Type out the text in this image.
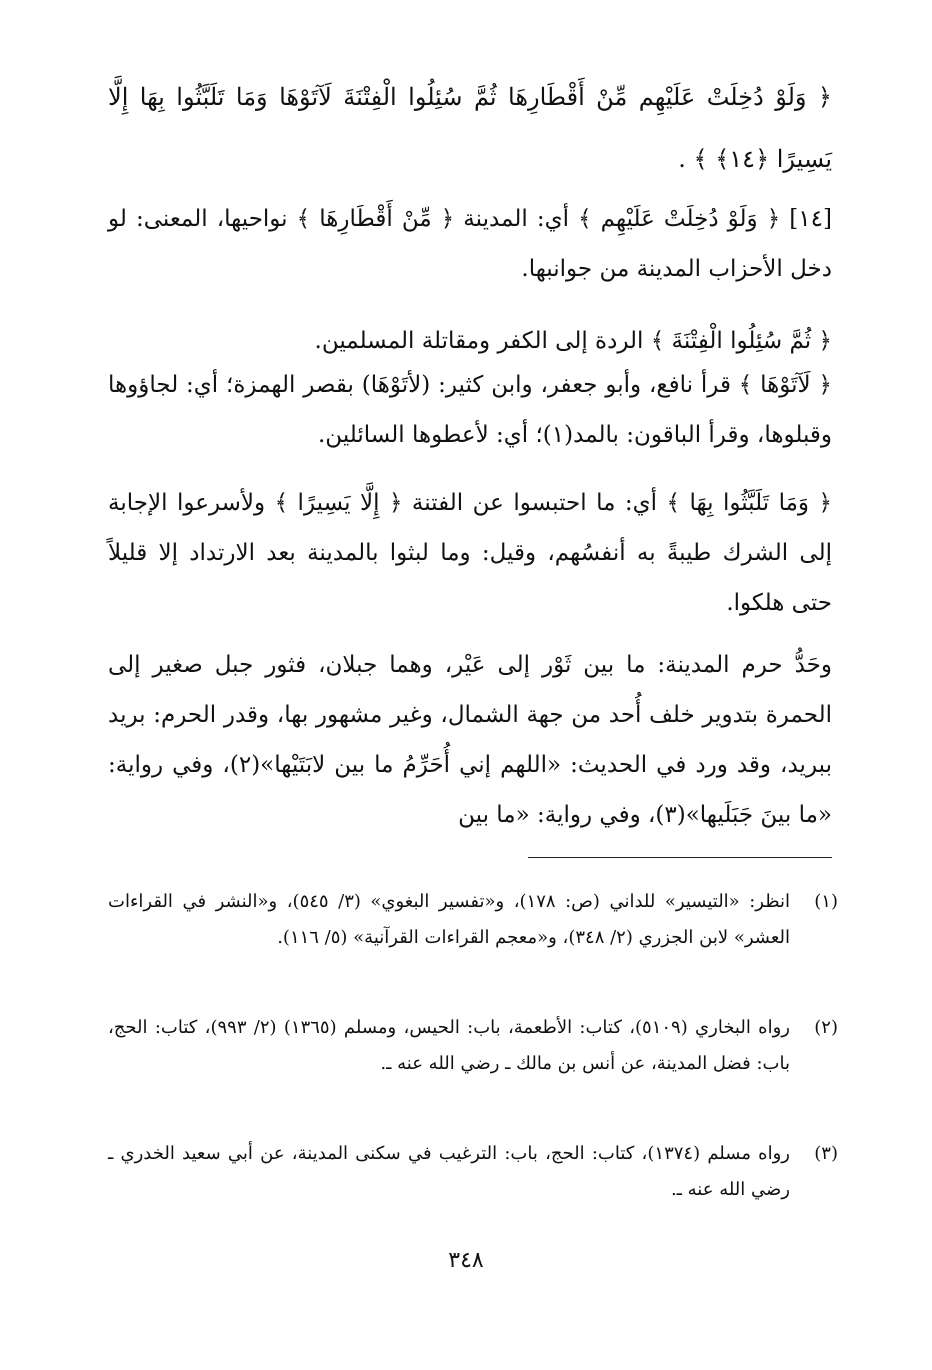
﴿ وَلَوْ دُخِلَتْ عَلَيْهِم مِّنْ أَقْطَارِهَا ثُمَّ سُئِلُوا الْفِتْنَةَ لَآتَوْهَا وَمَا تَلَبَّثُوا بِهَا إِلَّا يَسِيرًا ﴿١٤﴾ ﴾ .

[١٤] ﴿ وَلَوْ دُخِلَتْ عَلَيْهِم ﴾ أي: المدينة ﴿ مِّنْ أَقْطَارِهَا ﴾ نواحيها، المعنى: لو دخل الأحزاب المدينة من جوانبها.

﴿ ثُمَّ سُئِلُوا الْفِتْنَةَ ﴾ الردة إلى الكفر ومقاتلة المسلمين.

﴿ لَآتَوْهَا ﴾ قرأ نافع، وأبو جعفر، وابن كثير: (لأتَوْهَا) بقصر الهمزة؛ أي: لجاؤوها وقبلوها، وقرأ الباقون: بالمد(١)؛ أي: لأعطوها السائلين.

﴿ وَمَا تَلَبَّثُوا بِهَا ﴾ أي: ما احتبسوا عن الفتنة ﴿ إِلَّا يَسِيرًا ﴾ ولأسرعوا الإجابة إلى الشرك طيبةً به أنفسُهم، وقيل: وما لبثوا بالمدينة بعد الارتداد إلا قليلاً حتى هلكوا.

وحَدُّ حرم المدينة: ما بين ثَوْر إلى عَيْر، وهما جبلان، فثور جبل صغير إلى الحمرة بتدوير خلف أُحد من جهة الشمال، وغير مشهور بها، وقدر الحرم: بريد ببريد، وقد ورد في الحديث: «اللهم إني أُحَرِّمُ ما بين لابَتَيْها»(٢)، وفي رواية: «ما بينَ جَبَلَيها»(٣)، وفي رواية: «ما بين

(١)
انظر: «التيسير» للداني (ص: ١٧٨)، و«تفسير البغوي» (٣/ ٥٤٥)، و«النشر في القراءات العشر» لابن الجزري (٢/ ٣٤٨)، و«معجم القراءات القرآنية» (٥/ ١١٦).
(٢)
رواه البخاري (٥١٠٩)، كتاب: الأطعمة، باب: الحيس، ومسلم (١٣٦٥) (٢/ ٩٩٣)، كتاب: الحج، باب: فضل المدينة، عن أنس بن مالك ـ رضي الله عنه ـ.
(٣)
رواه مسلم (١٣٧٤)، كتاب: الحج، باب: الترغيب في سكنى المدينة، عن أبي سعيد الخدري ـ رضي الله عنه ـ.
٣٤٨
